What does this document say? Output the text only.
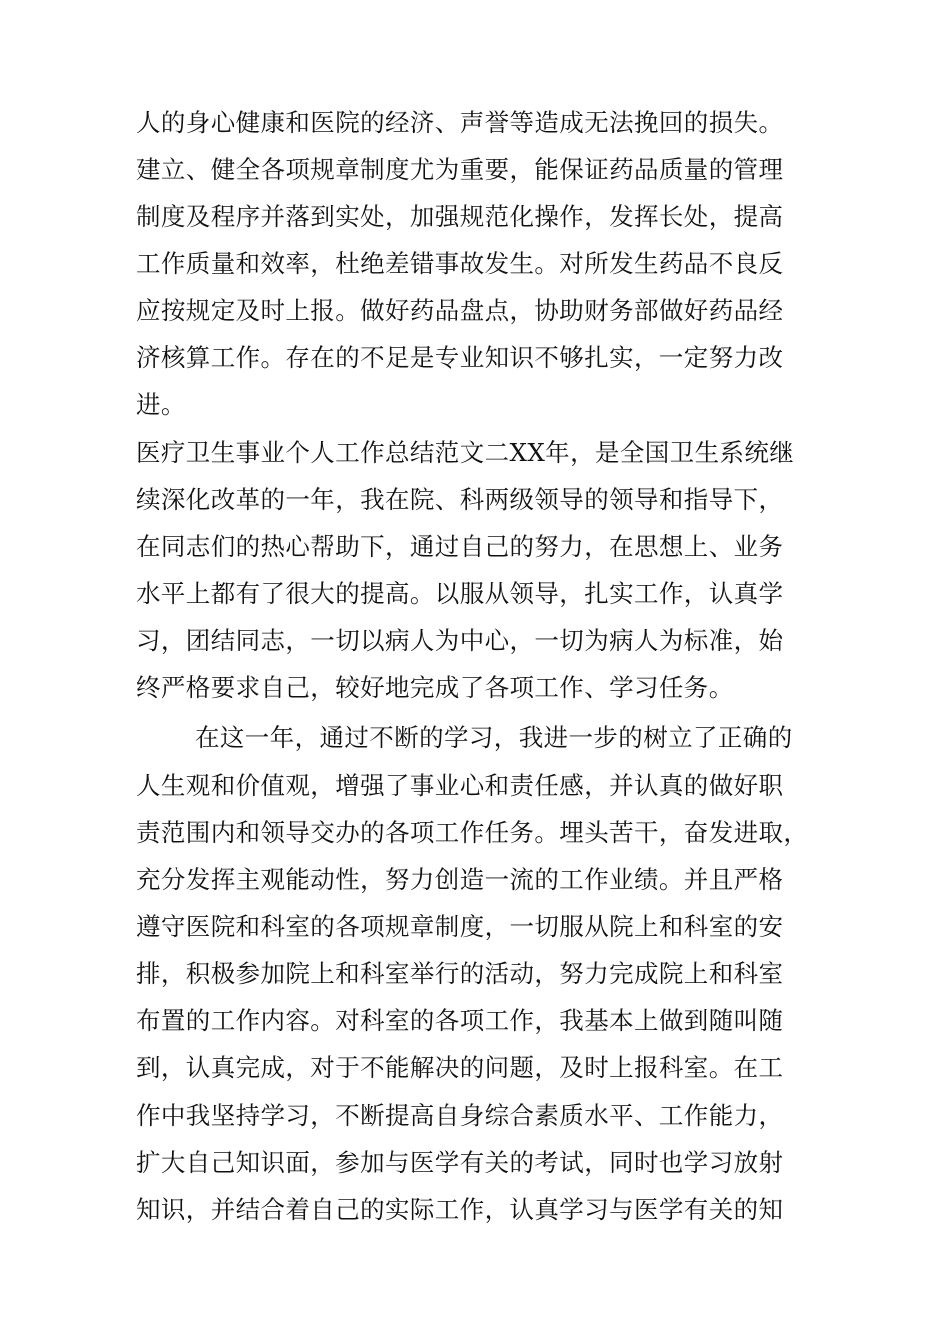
人的身心健康和医院的经济、声誉等造成无法挽回的损失。
建立、健全各项规章制度尤为重要，能保证药品质量的管理
制度及程序并落到实处，加强规范化操作，发挥长处，提高
工作质量和效率，杜绝差错事故发生。对所发生药品不良反
应按规定及时上报。做好药品盘点，协助财务部做好药品经
济核算工作。存在的不足是专业知识不够扎实，一定努力改
进。
医疗卫生事业个人工作总结范文二XX年，是全国卫生系统继
续深化改革的一年，我在院、科两级领导的领导和指导下，
在同志们的热心帮助下，通过自己的努力，在思想上、业务
水平上都有了很大的提高。以服从领导，扎实工作，认真学
习，团结同志，一切以病人为中心，一切为病人为标准，始
终严格要求自己，较好地完成了各项工作、学习任务。
在这一年，通过不断的学习，我进一步的树立了正确的
人生观和价值观，增强了事业心和责任感，并认真的做好职
责范围内和领导交办的各项工作任务。埋头苦干，奋发进取，
充分发挥主观能动性，努力创造一流的工作业绩。并且严格
遵守医院和科室的各项规章制度，一切服从院上和科室的安
排，积极参加院上和科室举行的活动，努力完成院上和科室
布置的工作内容。对科室的各项工作，我基本上做到随叫随
到，认真完成，对于不能解决的问题，及时上报科室。在工
作中我坚持学习，不断提高自身综合素质水平、工作能力，
扩大自己知识面，参加与医学有关的考试，同时也学习放射
知识，并结合着自己的实际工作，认真学习与医学有关的知
